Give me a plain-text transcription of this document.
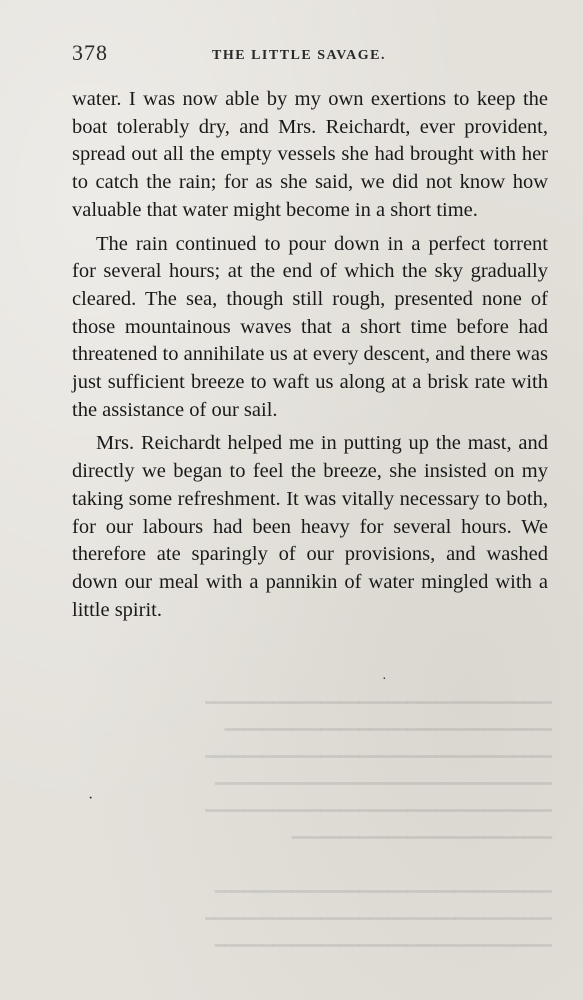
━━━━━━━━━━━━━━━━━━━━━━━━━━━━━━━━━━━━
━━━━━━━━━━━━━━━━━━━━━━━━━━━━━━━━━━
━━━━━━━━━━━━━━━━━━━━━━━━━━━━━━━━━━━━
━━━━━━━━━━━━━━━━━━━━━━━━━━━━━━━━━━━
━━━━━━━━━━━━━━━━━━━━━━━━━━━━━━━━━━━━
━━━━━━━━━━━━━━━━━━━━━━━━━━━

━━━━━━━━━━━━━━━━━━━━━━━━━━━━━━━━━━━
━━━━━━━━━━━━━━━━━━━━━━━━━━━━━━━━━━━━
━━━━━━━━━━━━━━━━━━━━━━━━━━━━━━━━━━━
378	THE LITTLE SAVAGE.

water. I was now able by my own exertions to keep the boat tolerably dry, and Mrs. Reichardt, ever provident, spread out all the empty vessels she had brought with her to catch the rain; for as she said, we did not know how valuable that water might become in a short time.

The rain continued to pour down in a perfect torrent for several hours; at the end of which the sky gradually cleared. The sea, though still rough, presented none of those mountainous waves that a short time before had threatened to annihilate us at every descent, and there was just sufficient breeze to waft us along at a brisk rate with the assistance of our sail.

Mrs. Reichardt helped me in putting up the mast, and directly we began to feel the breeze, she insisted on my taking some refreshment. It was vitally necessary to both, for our labours had been heavy for several hours. We therefore ate sparingly of our provisions, and washed down our meal with a pannikin of water mingled with a little spirit.

·
·
